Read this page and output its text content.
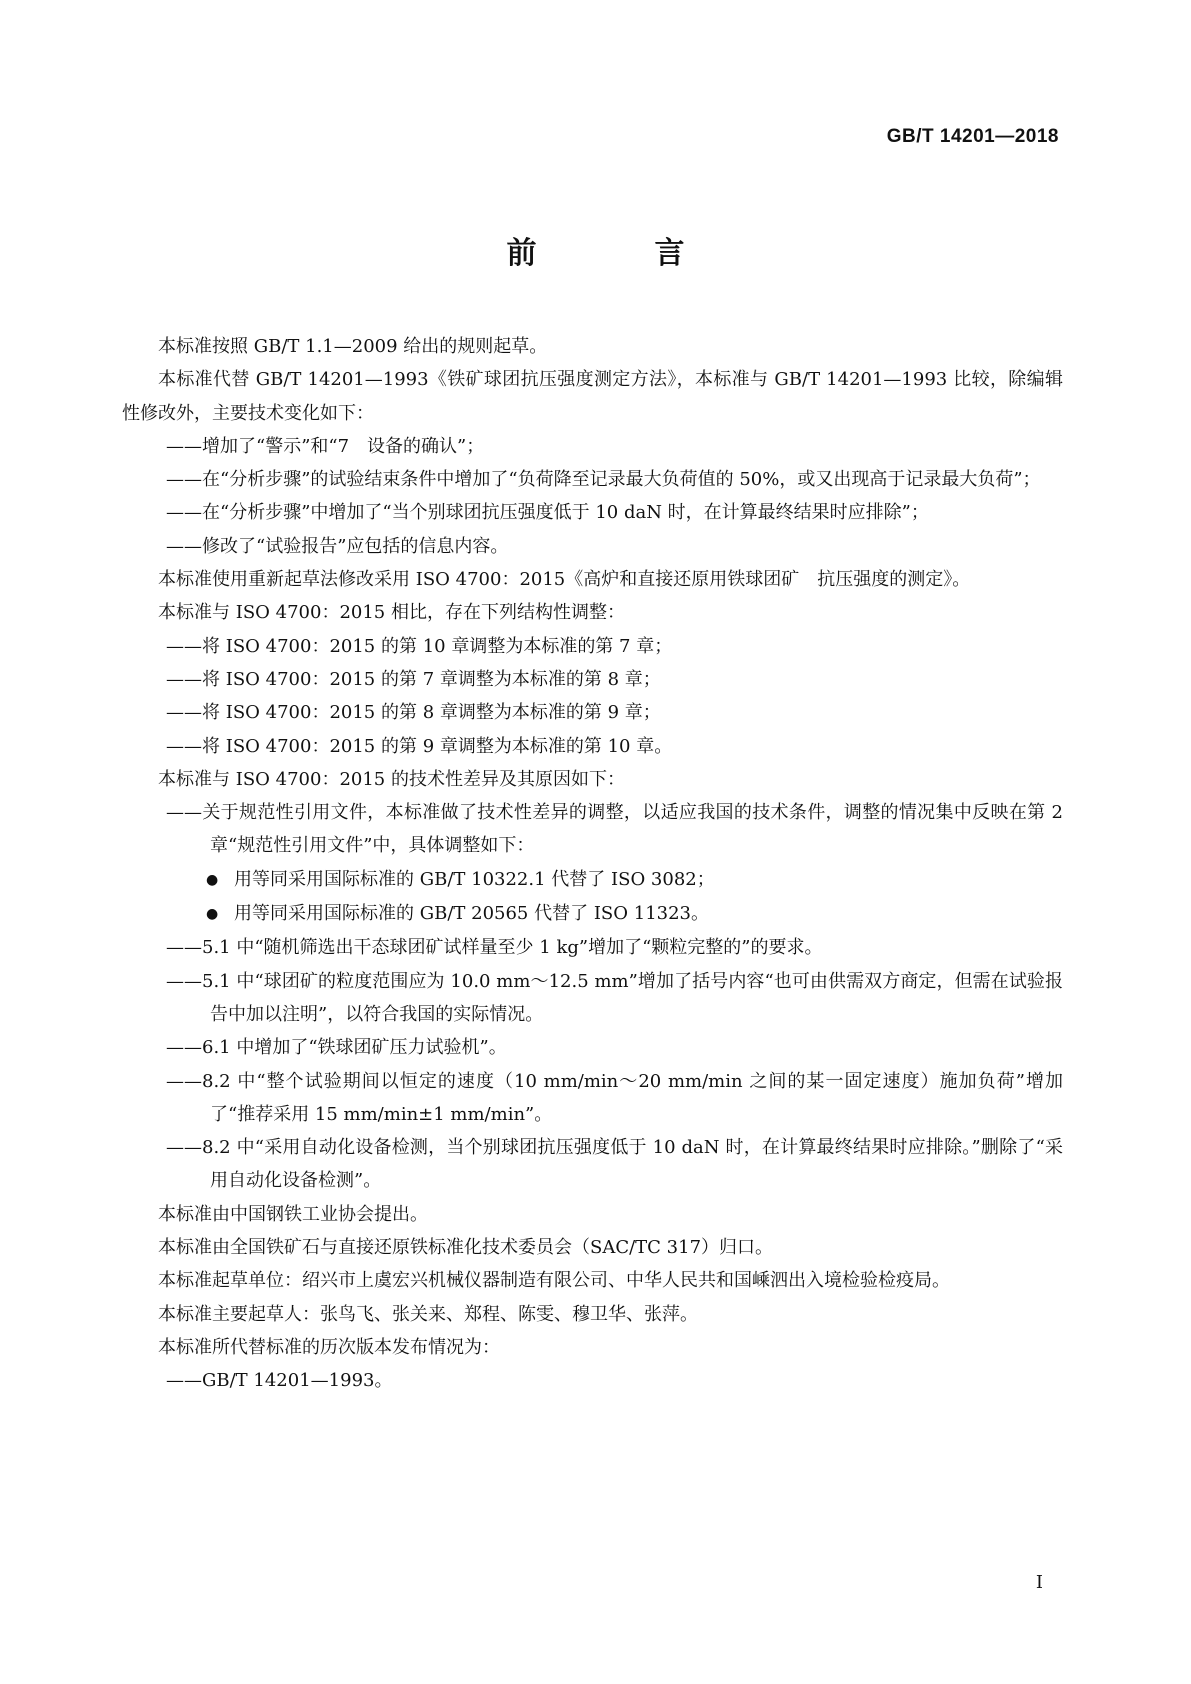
GB/T 14201—2018
前　言

本标准按照 GB/T 1.1—2009 给出的规则起草。

本标准代替 GB/T 14201—1993《铁矿球团抗压强度测定方法》，本标准与 GB/T 14201—1993 比较，除编辑性修改外，主要技术变化如下：

——增加了“警示”和“7　设备的确认”；

——在“分析步骤”的试验结束条件中增加了“负荷降至记录最大负荷值的 50%，或又出现高于记录最大负荷”；

——在“分析步骤”中增加了“当个别球团抗压强度低于 10 daN 时，在计算最终结果时应排除”；

——修改了“试验报告”应包括的信息内容。

本标准使用重新起草法修改采用 ISO 4700：2015《高炉和直接还原用铁球团矿　抗压强度的测定》。

本标准与 ISO 4700：2015 相比，存在下列结构性调整：

——将 ISO 4700：2015 的第 10 章调整为本标准的第 7 章；

——将 ISO 4700：2015 的第 7 章调整为本标准的第 8 章；

——将 ISO 4700：2015 的第 8 章调整为本标准的第 9 章；

——将 ISO 4700：2015 的第 9 章调整为本标准的第 10 章。

本标准与 ISO 4700：2015 的技术性差异及其原因如下：

——关于规范性引用文件，本标准做了技术性差异的调整，以适应我国的技术条件，调整的情况集中反映在第 2 章“规范性引用文件”中，具体调整如下：

● 用等同采用国际标准的 GB/T 10322.1 代替了 ISO 3082；

● 用等同采用国际标准的 GB/T 20565 代替了 ISO 11323。

——5.1 中“随机筛选出干态球团矿试样量至少 1 kg”增加了“颗粒完整的”的要求。

——5.1 中“球团矿的粒度范围应为 10.0 mm～12.5 mm”增加了括号内容“也可由供需双方商定，但需在试验报告中加以注明”，以符合我国的实际情况。

——6.1 中增加了“铁球团矿压力试验机”。

——8.2 中“整个试验期间以恒定的速度（10 mm/min～20 mm/min 之间的某一固定速度）施加负荷”增加了“推荐采用 15 mm/min±1 mm/min”。

——8.2 中“采用自动化设备检测，当个别球团抗压强度低于 10 daN 时，在计算最终结果时应排除。”删除了“采用自动化设备检测”。

本标准由中国钢铁工业协会提出。

本标准由全国铁矿石与直接还原铁标准化技术委员会（SAC/TC 317）归口。

本标准起草单位：绍兴市上虞宏兴机械仪器制造有限公司、中华人民共和国嵊泗出入境检验检疫局。

本标准主要起草人：张鸟飞、张关来、郑程、陈雯、穆卫华、张萍。

本标准所代替标准的历次版本发布情况为：

——GB/T 14201—1993。

I
